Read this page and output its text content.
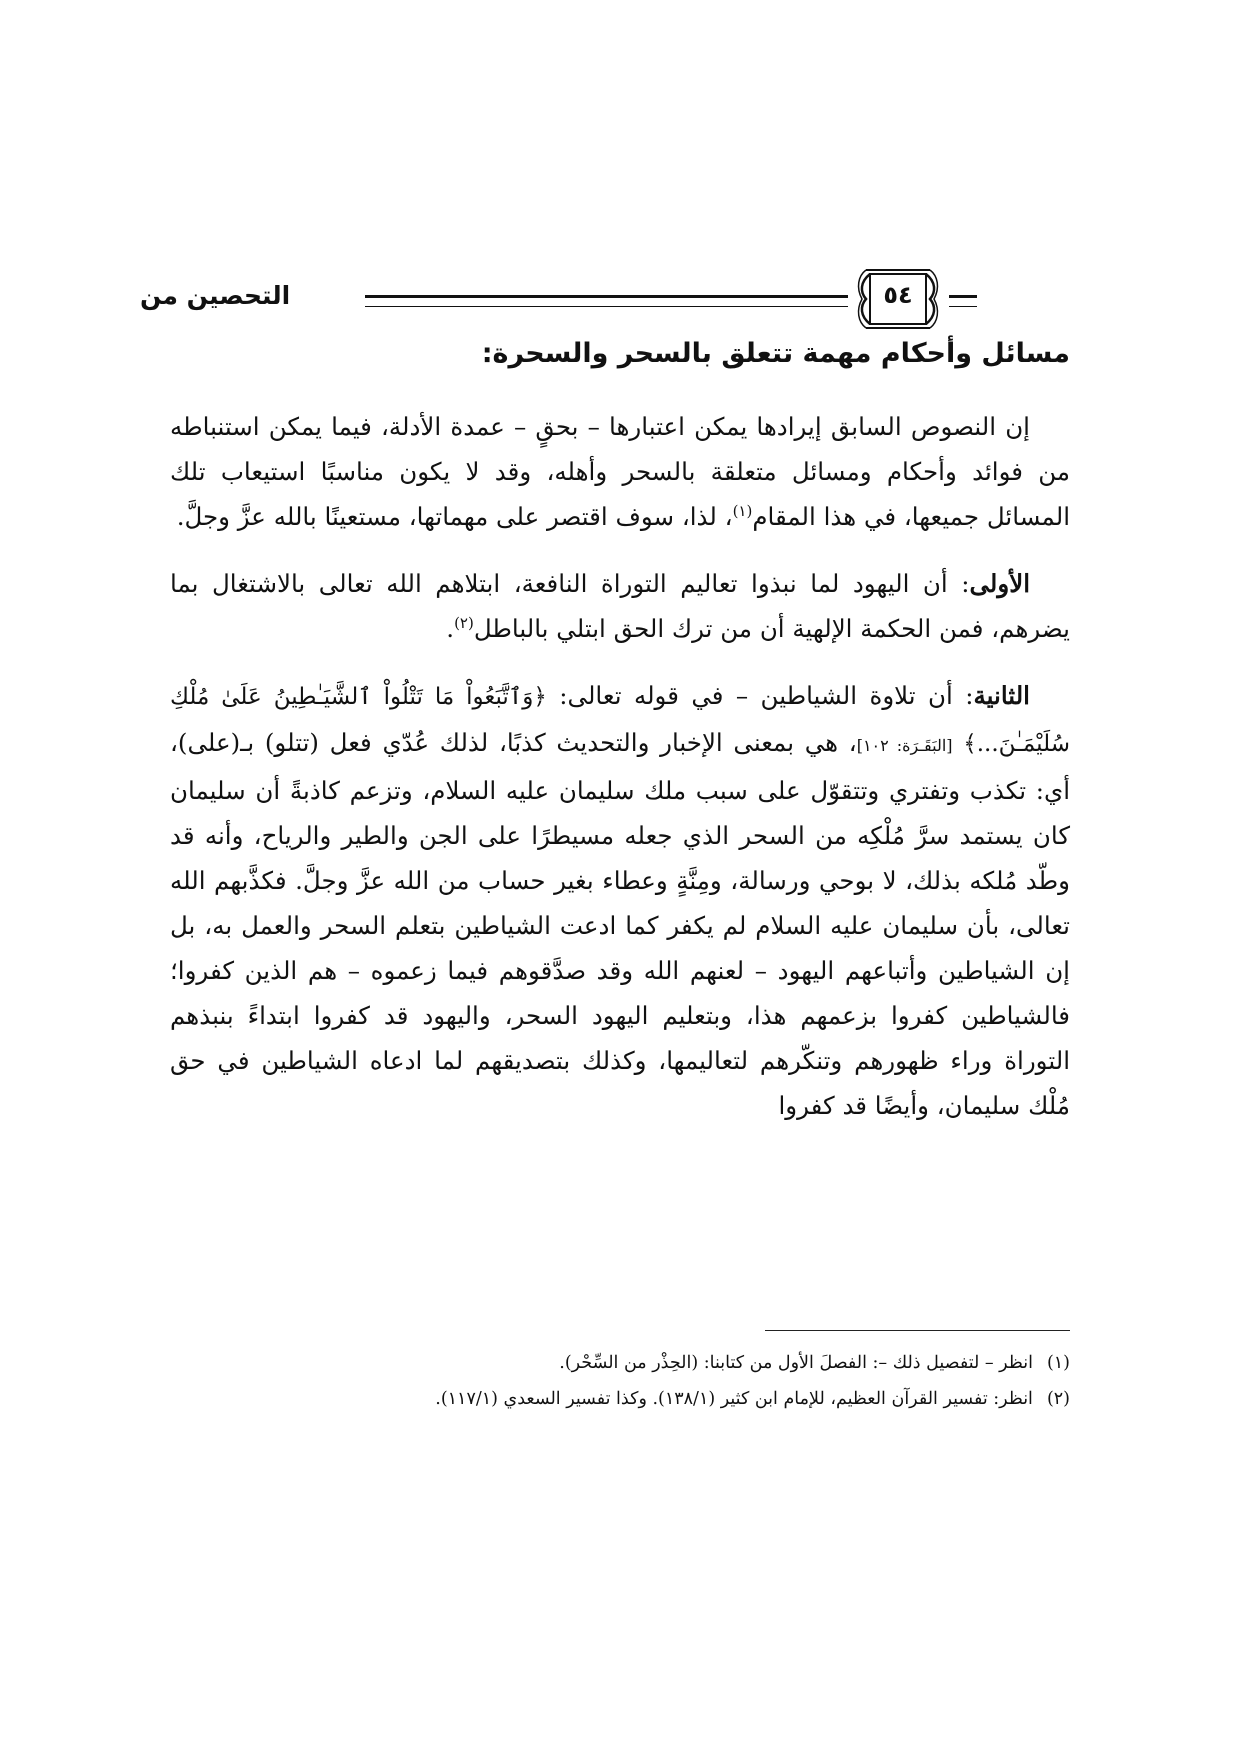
التحصين من	٥٤
مسائل وأحكام مهمة تتعلق بالسحر والسحرة:

إن النصوص السابق إيرادها يمكن اعتبارها – بحقٍ – عمدة الأدلة، فيما يمكن استنباطه من فوائد وأحكام ومسائل متعلقة بالسحر وأهله، وقد لا يكون مناسبًا استيعاب تلك المسائل جميعها، في هذا المقام$^{(١)}$، لذا، سوف اقتصر على مهماتها، مستعينًا بالله عزَّ وجلَّ.

الأولى: أن اليهود لما نبذوا تعاليم التوراة النافعة، ابتلاهم الله تعالى بالاشتغال بما يضرهم، فمن الحكمة الإلهية أن من ترك الحق ابتلي بالباطل$^{(٢)}$.

الثانية: أن تلاوة الشياطين – في قوله تعالى: ﴿وَٱتَّبَعُواْ مَا تَتْلُواْ ٱلشَّيَـٰطِينُ عَلَىٰ مُلْكِ سُلَيْمَـٰنَ...﴾ [البَقَـرَة: ١٠٢]، هي بمعنى الإخبار والتحديث كذبًا، لذلك عُدّي فعل (تتلو) بـ(على)، أي: تكذب وتفتري وتتقوّل على سبب ملك سليمان عليه السلام، وتزعم كاذبةً أن سليمان كان يستمد سرَّ مُلْكِه من السحر الذي جعله مسيطرًا على الجن والطير والرياح، وأنه قد وطّد مُلكه بذلك، لا بوحي ورسالة، ومِنَّةٍ وعطاء بغير حساب من الله عزَّ وجلَّ. فكذَّبهم الله تعالى، بأن سليمان عليه السلام لم يكفر كما ادعت الشياطين بتعلم السحر والعمل به، بل إن الشياطين وأتباعهم اليهود – لعنهم الله وقد صدَّقوهم فيما زعموه – هم الذين كفروا؛ فالشياطين كفروا بزعمهم هذا، وبتعليم اليهود السحر، واليهود قد كفروا ابتداءً بنبذهم التوراة وراء ظهورهم وتنكّرهم لتعاليمها، وكذلك بتصديقهم لما ادعاه الشياطين في حق مُلْك سليمان، وأيضًا قد كفروا

(١)انظر – لتفصيل ذلك –: الفصلَ الأول من كتابنا: (الحِذْر من السِّحْر).

(٢)انظر: تفسير القرآن العظيم، للإمام ابن كثير (١٣٨/١). وكذا تفسير السعدي (١١٧/١).
